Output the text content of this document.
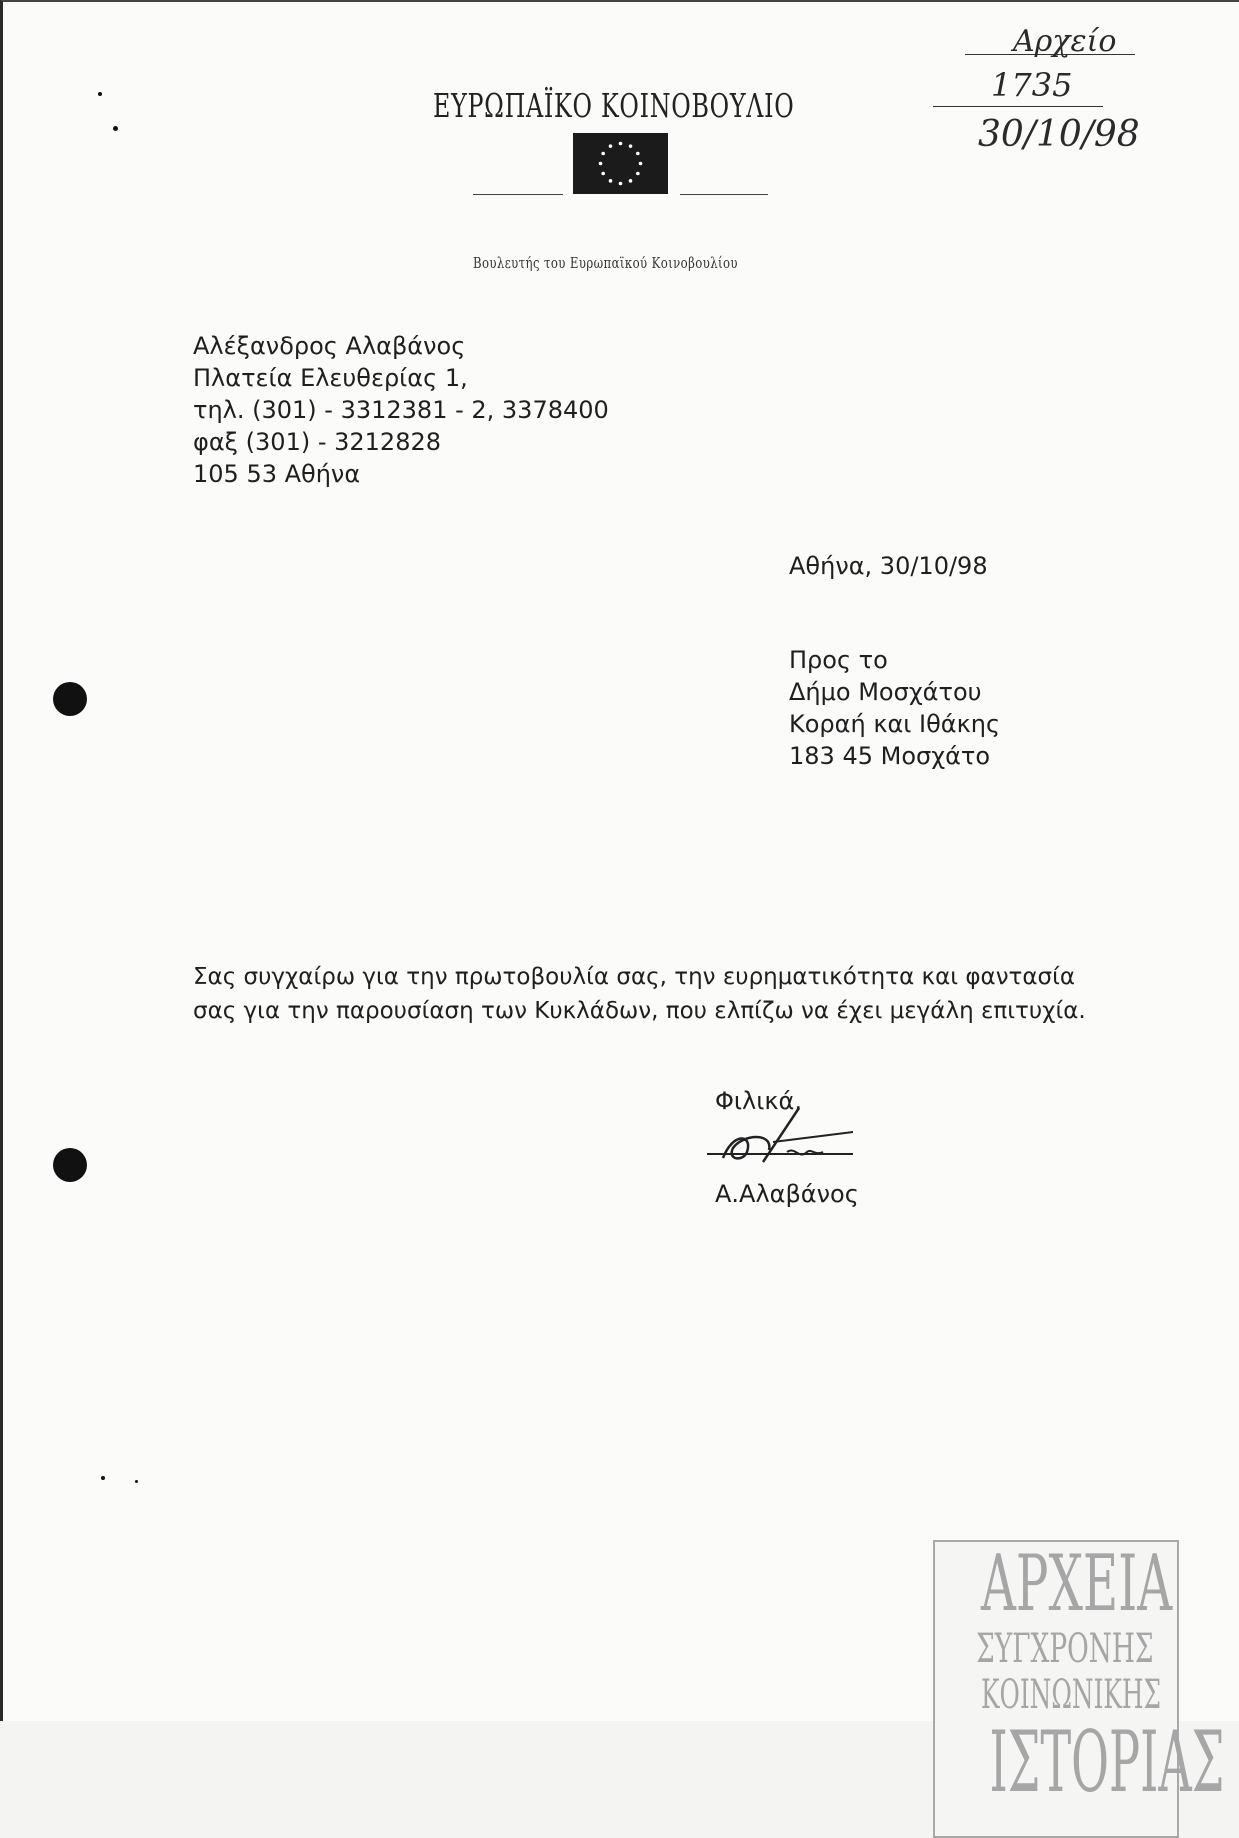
ΕΥΡΩΠΑΪΚΟ ΚΟΙΝΟΒΟΥΛΙΟ
Βουλευτής του Ευρωπαϊκού Κοινοβουλίου
Αρχείο
1735
30/10/98
Αλέξανδρος Αλαβάνος
Πλατεία Ελευθερίας 1,
τηλ. (301) - 3312381 - 2, 3378400
φαξ (301) - 3212828
105 53 Αθήνα
Αθήνα, 30/10/98
Προς το
Δήμο Μοσχάτου
Κοραή και Ιθάκης
183 45 Μοσχάτο
Σας συγχαίρω για την πρωτοβουλία σας, την ευρηματικότητα και φαντασία
σας για την παρουσίαση των Κυκλάδων, που ελπίζω να έχει μεγάλη επιτυχία.
Φιλικά,
Α.Αλαβάνος
ΑΡΧΕΙΑ
ΣΥΓΧΡΟΝΗΣ
ΚΟΙΝΩΝΙΚΗΣ
ΙΣΤΟΡΙΑΣ
